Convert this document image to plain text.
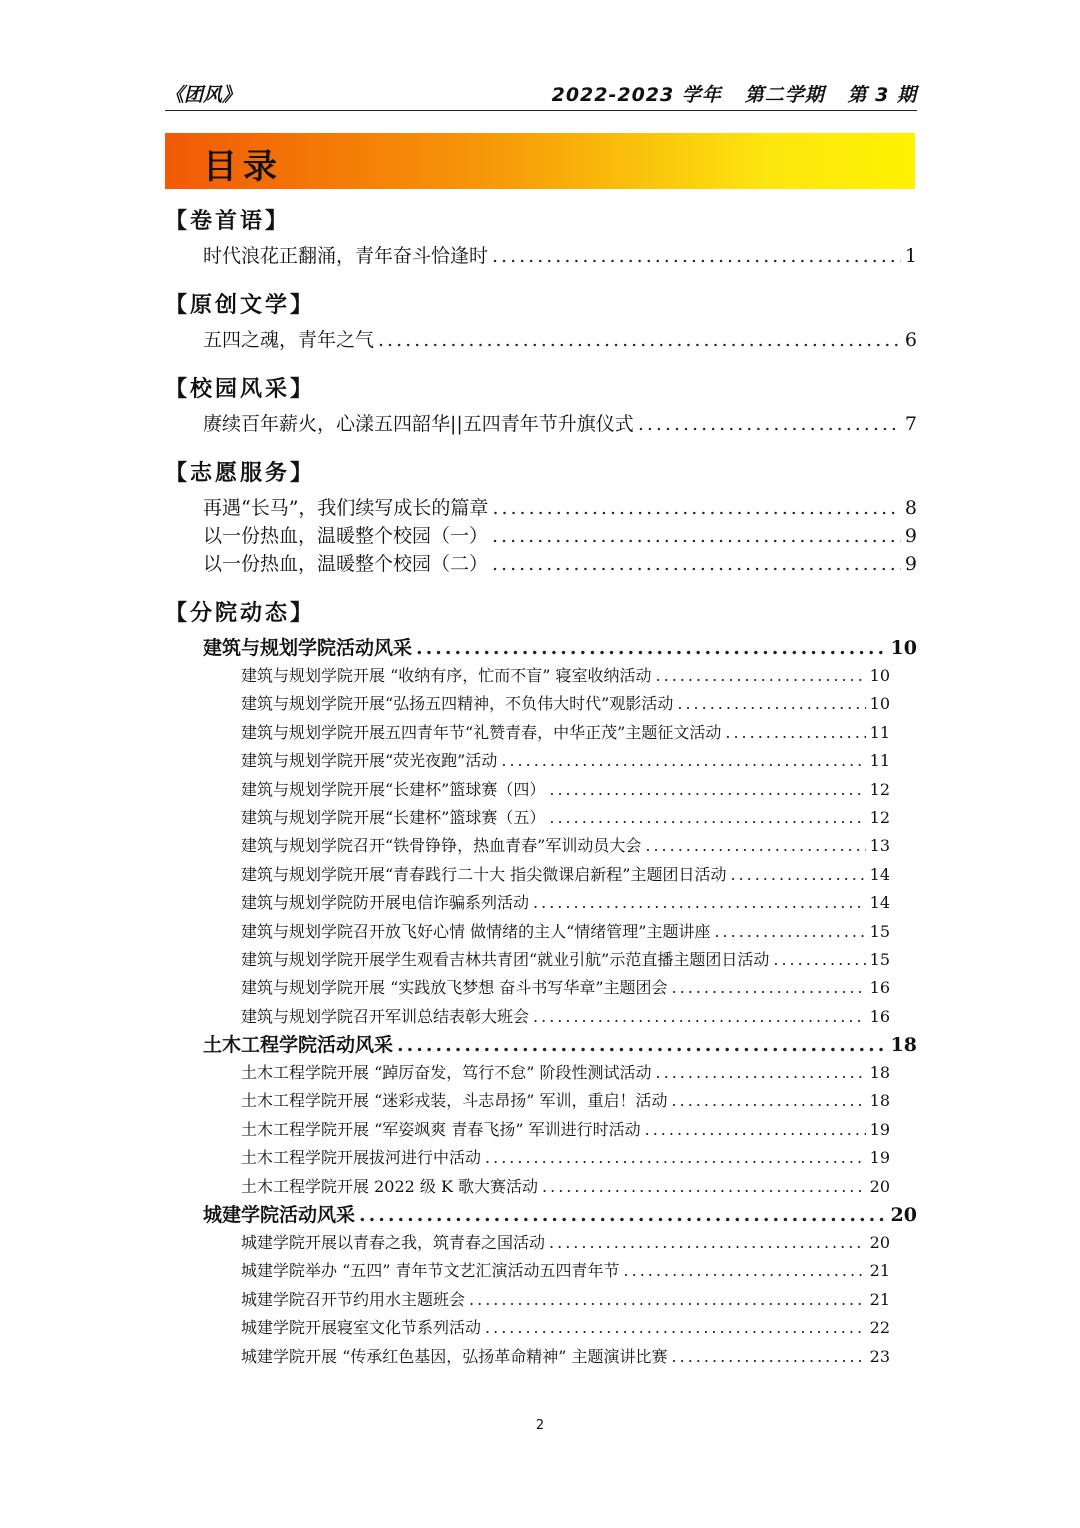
《团风》	2022-2023 学年   第二学期   第 3 期
目录
【卷首语】
时代浪花正翻涌，青年奋斗恰逢时 .....	1
【原创文学】
五四之魂，青年之气 .....	6
【校园风采】
赓续百年薪火，心漾五四韶华||五四青年节升旗仪式 .....	7
【志愿服务】
再遇“长马”，我们续写成长的篇章 .....	8
以一份热血，温暖整个校园（一） .....	9
以一份热血，温暖整个校园（二） .....	9
【分院动态】
建筑与规划学院活动风采 .....	10
建筑与规划学院开展 “收纳有序，忙而不盲” 寝室收纳活动 .....	10
建筑与规划学院开展“弘扬五四精神，不负伟大时代”观影活动 .....	10
建筑与规划学院开展五四青年节“礼赞青春，中华正茂”主题征文活动 .....	11
建筑与规划学院开展“荧光夜跑”活动 .....	11
建筑与规划学院开展“长建杯”篮球赛（四） .....	12
建筑与规划学院开展“长建杯”篮球赛（五） .....	12
建筑与规划学院召开“铁骨铮铮，热血青春”军训动员大会 .....	13
建筑与规划学院开展“青春践行二十大 指尖微课启新程”主题团日活动 .....	14
建筑与规划学院防开展电信诈骗系列活动 .....	14
建筑与规划学院召开放飞好心情 做情绪的主人“情绪管理”主题讲座 .....	15
建筑与规划学院开展学生观看吉林共青团“就业引航”示范直播主题团日活动 .....	15
建筑与规划学院开展 “实践放飞梦想 奋斗书写华章”主题团会 .....	16
建筑与规划学院召开军训总结表彰大班会 .....	16
土木工程学院活动风采 .....	18
土木工程学院开展 “踔厉奋发，笃行不怠” 阶段性测试活动 .....	18
土木工程学院开展 “迷彩戎装，斗志昂扬” 军训，重启！活动 .....	18
土木工程学院开展 “军姿飒爽 青春飞扬” 军训进行时活动 .....	19
土木工程学院开展拔河进行中活动 .....	19
土木工程学院开展 2022 级 K 歌大赛活动 .....	20
城建学院活动风采 .....	20
城建学院开展以青春之我，筑青春之国活动 .....	20
城建学院举办 “五四” 青年节文艺汇演活动五四青年节 .....	21
城建学院召开节约用水主题班会 .....	21
城建学院开展寝室文化节系列活动 .....	22
城建学院开展 “传承红色基因，弘扬革命精神” 主题演讲比赛 .....	23
2
